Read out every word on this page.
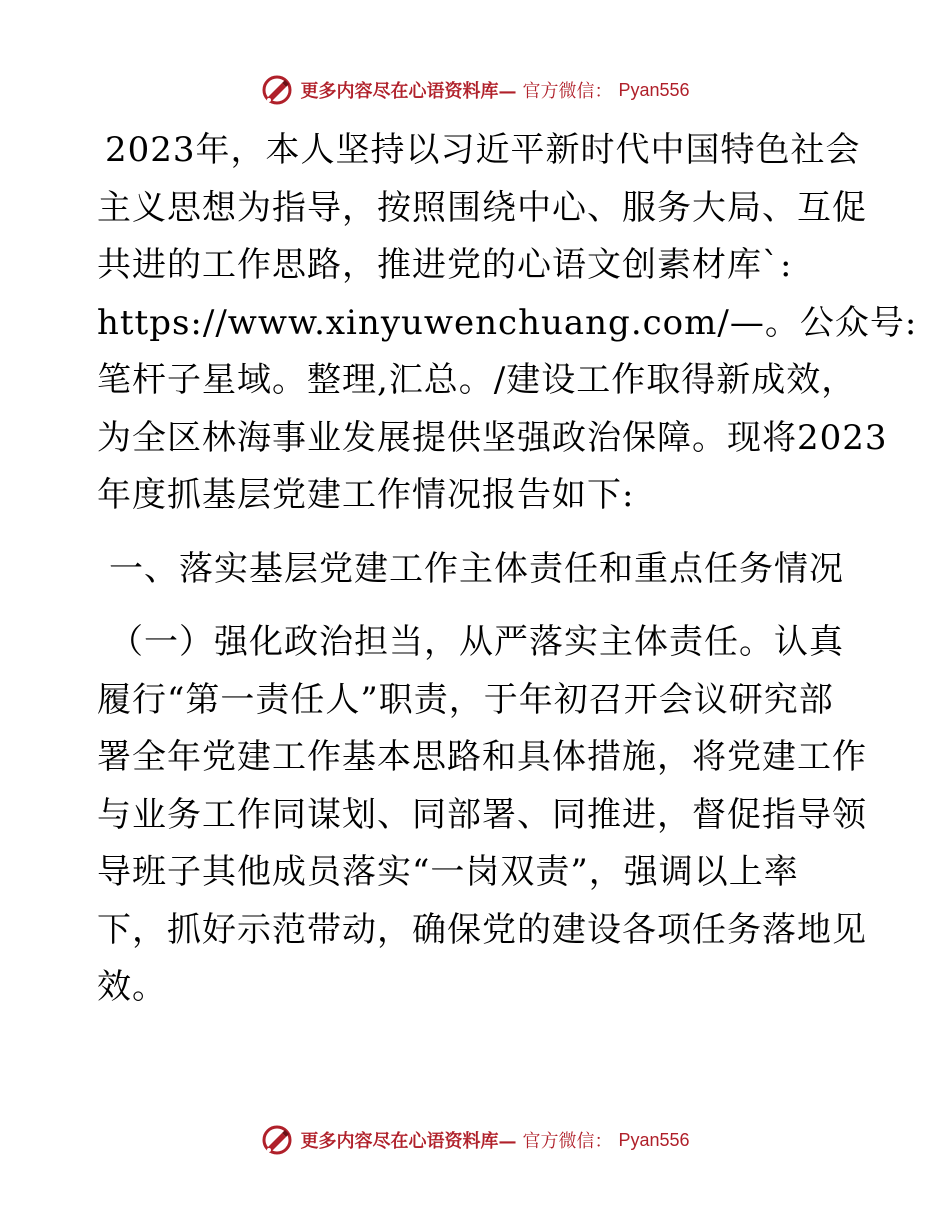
更多内容尽在心语资料库— 官方微信： Pyan556
2023年，本人坚持以习近平新时代中国特色社会
主义思想为指导，按照围绕中心、服务大局、互促
共进的工作思路，推进党的心语文创素材库`:
https://www.xinyuwenchuang.com/—。公众号:
笔杆子星域。整理,汇总。/建设工作取得新成效，
为全区林海事业发展提供坚强政治保障。现将2023
年度抓基层党建工作情况报告如下:
一、落实基层党建工作主体责任和重点任务情况
（一）强化政治担当，从严落实主体责任。认真
履行“第一责任人”职责，于年初召开会议研究部
署全年党建工作基本思路和具体措施，将党建工作
与业务工作同谋划、同部署、同推进，督促指导领
导班子其他成员落实“一岗双责”，强调以上率
下，抓好示范带动，确保党的建设各项任务落地见
效。
更多内容尽在心语资料库— 官方微信： Pyan556
